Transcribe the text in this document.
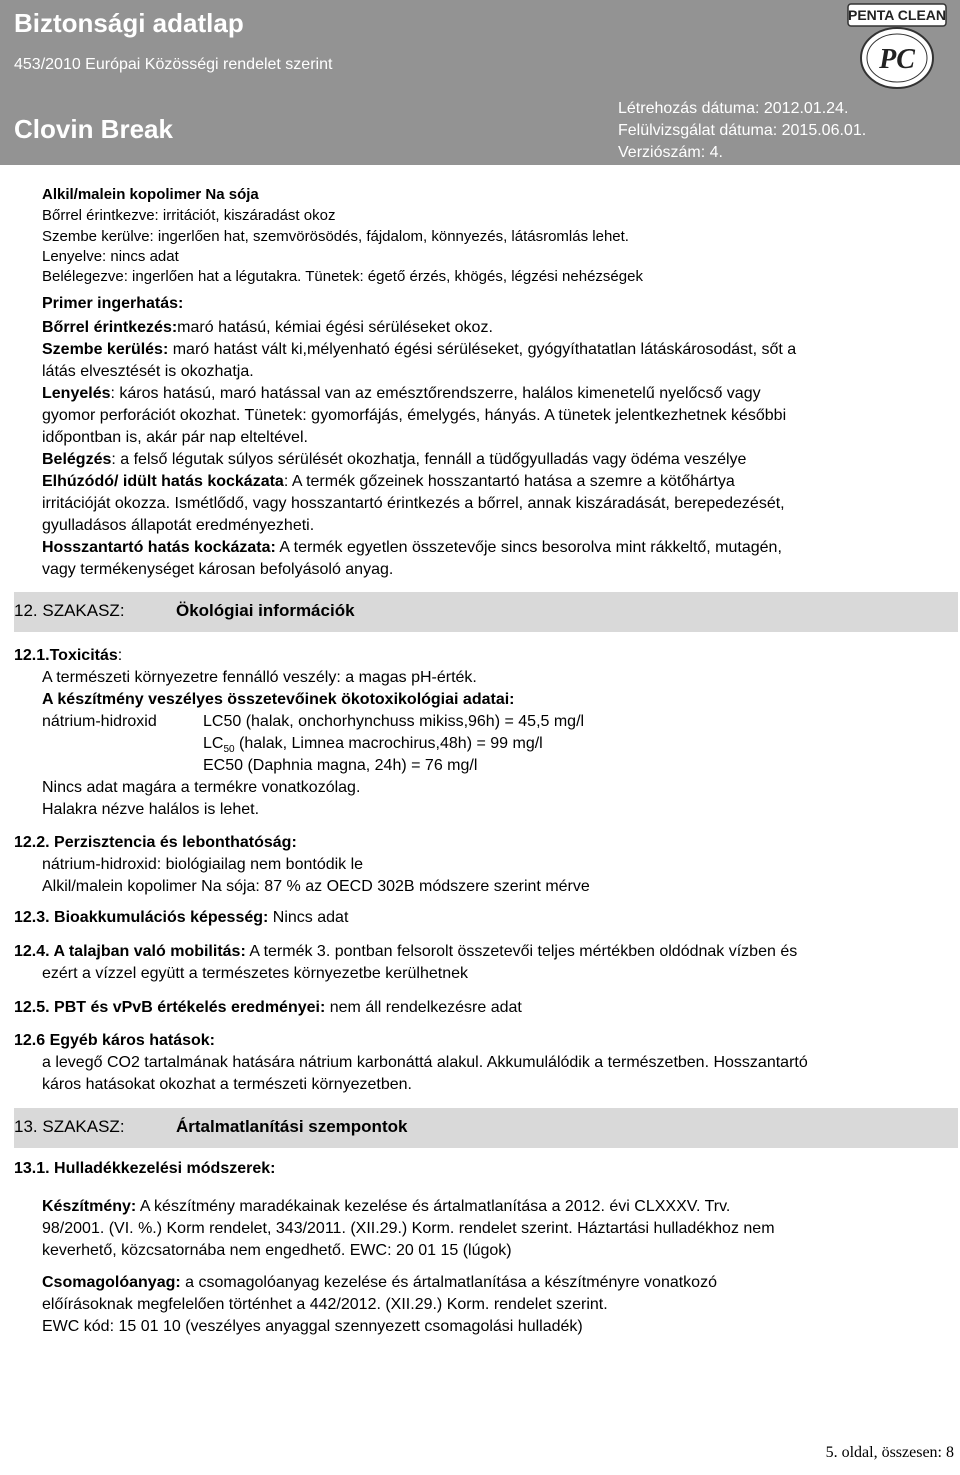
Biztonsági adatlap
453/2010 Európai Közösségi rendelet szerint
Clovin Break
Létrehozás dátuma: 2012.01.24.
Felülvizsgálat dátuma: 2015.06.01.
Verziószám: 4.
PENTA CLEAN
PC
Alkil/malein kopolimer Na sója
Bőrrel érintkezve: irritációt, kiszáradást okoz
Szembe kerülve: ingerlően hat, szemvörösödés, fájdalom, könnyezés, látásromlás lehet.
Lenyelve: nincs adat
Belélegezve: ingerlően hat a légutakra. Tünetek: égető érzés, khögés, légzési nehézségek
Primer ingerhatás:
Bőrrel érintkezés:maró hatású, kémiai égési sérüléseket okoz.
Szembe kerülés: maró hatást vált ki,mélyenható égési sérüléseket, gyógyíthatatlan látáskárosodást, sőt a
látás elvesztését is okozhatja.
Lenyelés: káros hatású, maró hatással van az emésztőrendszerre, halálos kimenetelű nyelőcső vagy
gyomor perforációt okozhat. Tünetek: gyomorfájás, émelygés, hányás. A tünetek jelentkezhetnek későbbi
időpontban is, akár pár nap elteltével.
Belégzés: a felső légutak súlyos sérülését okozhatja, fennáll a tüdőgyulladás vagy ödéma veszélye
Elhúzódó/ idült hatás kockázata: A termék gőzeinek hosszantartó hatása a szemre a kötőhártya
irritációját okozza. Ismétlődő, vagy hosszantartó érintkezés a bőrrel, annak kiszáradását, berepedezését,
gyulladásos állapotát eredményezheti.
Hosszantartó hatás kockázata: A termék egyetlen összetevője sincs besorolva mint rákkeltő, mutagén,
vagy termékenységet károsan befolyásoló anyag.
12. SZAKASZ:	Ökológiai információk
12.1.Toxicitás:
A természeti környezetre fennálló veszély: a magas pH-érték.
A készítmény veszélyes összetevőinek ökotoxikológiai adatai:
nátrium-hidroxid	LC50 (halak, onchorhynchuss mikiss,96h) = 45,5 mg/l
$LC_{50}$ (halak, Limnea macrochirus,48h) = 99 mg/l
EC50 (Daphnia magna, 24h) = 76 mg/l
Nincs adat magára a termékre vonatkozólag.
Halakra nézve halálos is lehet.
12.2. Perzisztencia és lebonthatóság:
nátrium-hidroxid: biológiailag nem bontódik le
Alkil/malein kopolimer Na sója: 87 % az OECD 302B módszere szerint mérve
12.3. Bioakkumulációs képesség: Nincs adat
12.4. A talajban való mobilitás: A termék 3. pontban felsorolt összetevői teljes mértékben oldódnak vízben és
ezért a vízzel együtt a természetes környezetbe kerülhetnek
12.5. PBT és vPvB értékelés eredményei: nem áll rendelkezésre adat
12.6 Egyéb káros hatások:
a levegő CO2 tartalmának hatására nátrium karbonáttá alakul. Akkumulálódik a természetben. Hosszantartó
káros hatásokat okozhat a természeti környezetben.
13. SZAKASZ:	Ártalmatlanítási szempontok
13.1. Hulladékkezelési módszerek:
Készítmény: A készítmény maradékainak kezelése és ártalmatlanítása a 2012. évi CLXXXV. Trv.
98/2001. (VI. %.) Korm rendelet, 343/2011. (XII.29.) Korm. rendelet szerint. Háztartási hulladékhoz nem
keverhető, közcsatornába nem engedhető. EWC: 20 01 15 (lúgok)
Csomagolóanyag: a csomagolóanyag kezelése és ártalmatlanítása a készítményre vonatkozó
előírásoknak megfelelően történhet a 442/2012. (XII.29.) Korm. rendelet szerint.
EWC kód: 15 01 10 (veszélyes anyaggal szennyezett csomagolási hulladék)
5. oldal, összesen: 8
